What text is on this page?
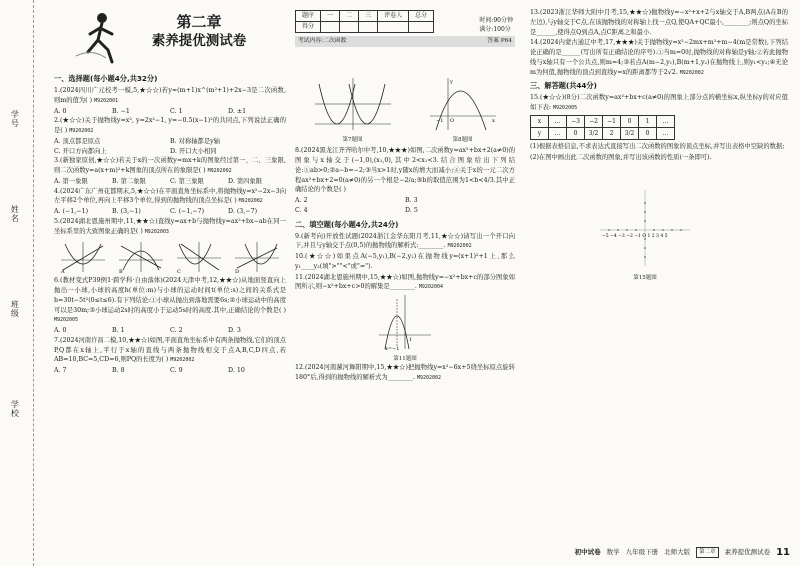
学号
姓名
班级
学校
第二章
素养提优测试卷
一、选择题(每小题4分,共32分)
1.(2024四川广元校考一模,5,★☆☆)若y=(m+1)x^(m²+1)+2x−3是二次函数,则m的值为( ) M9202001
A. 0	B. −1	C. 1	D. ±1
2.(★☆☆)关于抛物线y=x², y=2x²−1, y=−0.5(x−1)²的共同点,下列说法正确的是( ) M9202002
A. 顶点都是原点	B. 对称轴都是y轴
C. 开口方向都向上	D. 开口大小相同
3.(新独家原创,★☆☆)若关于x的一次函数y=mx+k的图象经过第一、二、三象限,则二次函数y=a(x+m)²+k图象的顶点所在的象限是( ) M9202002
A. 第一象限	B. 第二象限	C. 第三象限	D. 第四象限
4.(2024广东广州花都期末,5,★☆☆)在平面直角坐标系中,将抛物线y=x²−2x−3向左平移2个单位,再向上平移3个单位,得到的抛物线的顶点坐标是( ) M9202002
A. (−1,−1)	B. (3,−1)	C. (−1,−7)	D. (3,−7)
5.(2024湖北恩施州期中,11,★★☆)直线y=ax+b与抛物线y=ax²+bx−ab在同一坐标系里的大致图象正确的是( ) M9202003
A	B	C	D
6.(教材变式P39例1·跨学科·自由落体)(2024天津中考,12,★★☆)从地面竖直向上抛出一小球,小球的高度h(单位:m)与小球的运动时间t(单位:s)之间的关系式是h=30t−5t²(0≤t≤6).有下列结论:①小球从抛出到落地需要6s;②小球运动中的高度可以是30m;③小球运动2s时的高度小于运动5s时的高度.其中,正确结论的个数是( ) M9202005
A. 0	B. 1	C. 2	D. 3
7.(2024河南许昌二模,10,★★☆)如图,平面直角坐标系中有两条抛物线,它们的顶点P,Q都在x轴上,平行于x轴的直线与两条抛物线相交于点A,B,C,D四点,若AB=10,BC=5,CD=6,则PQ的长度为( ) M9202002
A. 7	B. 8	C. 9	D. 10
题序	一	二	三	评卷人	总分
得分					
时间:90分钟
满分:100分
考试内容:二次函数	答案 P64
第7题图
−1 O	x
y
第8题图
8.(2024黑龙江齐齐哈尔中考,10,★★★)如图,二次函数y=ax²+bx+2(a≠0)的图象与x轴交于(−1,0),(x₁,0),其中2<x₁<3.结合图象给出下列结论:①ab>0;②a−b=−2;③当x>1时,y随x的增大而减小;④关于x的一元二次方程ax²+bx+2=0(a≠0)的另一个根是−2/a;⑤b的取值范围为1<b<4/3.其中正确结论的个数是( )
A. 2	B. 3
C. 4	D. 5
二、填空题(每小题4分,共24分)
9.(新考向)开放性试题(2024浙江金华东阳月考,11,★☆☆)请写出一个开口向下,并且与y轴交于点(0,5)的抛物线的解析式:________. M9202002
10.(★☆☆)如果点A(−5,y₁),B(−2,y₂)在抛物线y=(x+1)²+1上,那么y₁____y₂(填">""<"或"=").
11.(2024湖北恩施州期中,15,★★☆)如图,抛物线y=−x²+bx+c的部分图象如图所示,则−x²+bx+c>0的解集是________. M9202004
1
x=−1
第11题图
12.(2024河南漯河舞阳期中,15,★★☆)把抛物线y=x²−6x+5绕坐标原点旋转180°后,得到的抛物线的解析式为________. M9202002
13.(2023浙江华师大附中月考,15,★★☆)抛物线y=−x²+x+2与x轴交于A,B两点(A在B的左边),与y轴交于C点,在该抛物线的对称轴上找一点Q,使QA+QC最小,________;则点Q的坐标是______,使得点Q到点A,点C距离之和最小.
14.(2024内蒙古通辽中考,17,★★★)关于抛物线y=x²−2mx+m²+m−4(m是常数),下列结论正确的是______(写出所有正确结论的序号).①当m=0时,抛物线的对称轴是y轴;②若此抛物线与x轴只有一个公共点,则m=4;③若点A(m−2,y₁),B(m+1,y₂)在抛物线上,则y₁<y₂;④无论m为何值,抛物线的顶点到直线y=x的距离都等于2√2. M9202002
三、解答题(共44分)
15.(★☆☆)(8分)二次函数y=ax²+bx+c(a≠0)的图象上部分点的横坐标x,纵坐标y的对应值如下表: M9202005
x	…	−3	−2	−1	0	1	…
y	…	0	3/2	2	3/2	0	…
(1)根据表格信息,不求表达式直接写出二次函数的图象的顶点坐标,并写出表格中空缺的数据;
(2)在图中画出此二次函数的图象,并写出该函数的性质(一条即可).
−5 −4 −3 −2 −1 O 1 2 3 4 5
第15题图
初中试卷 数学 九年级下册 北师大版	第二章	素养提优测试卷 11
